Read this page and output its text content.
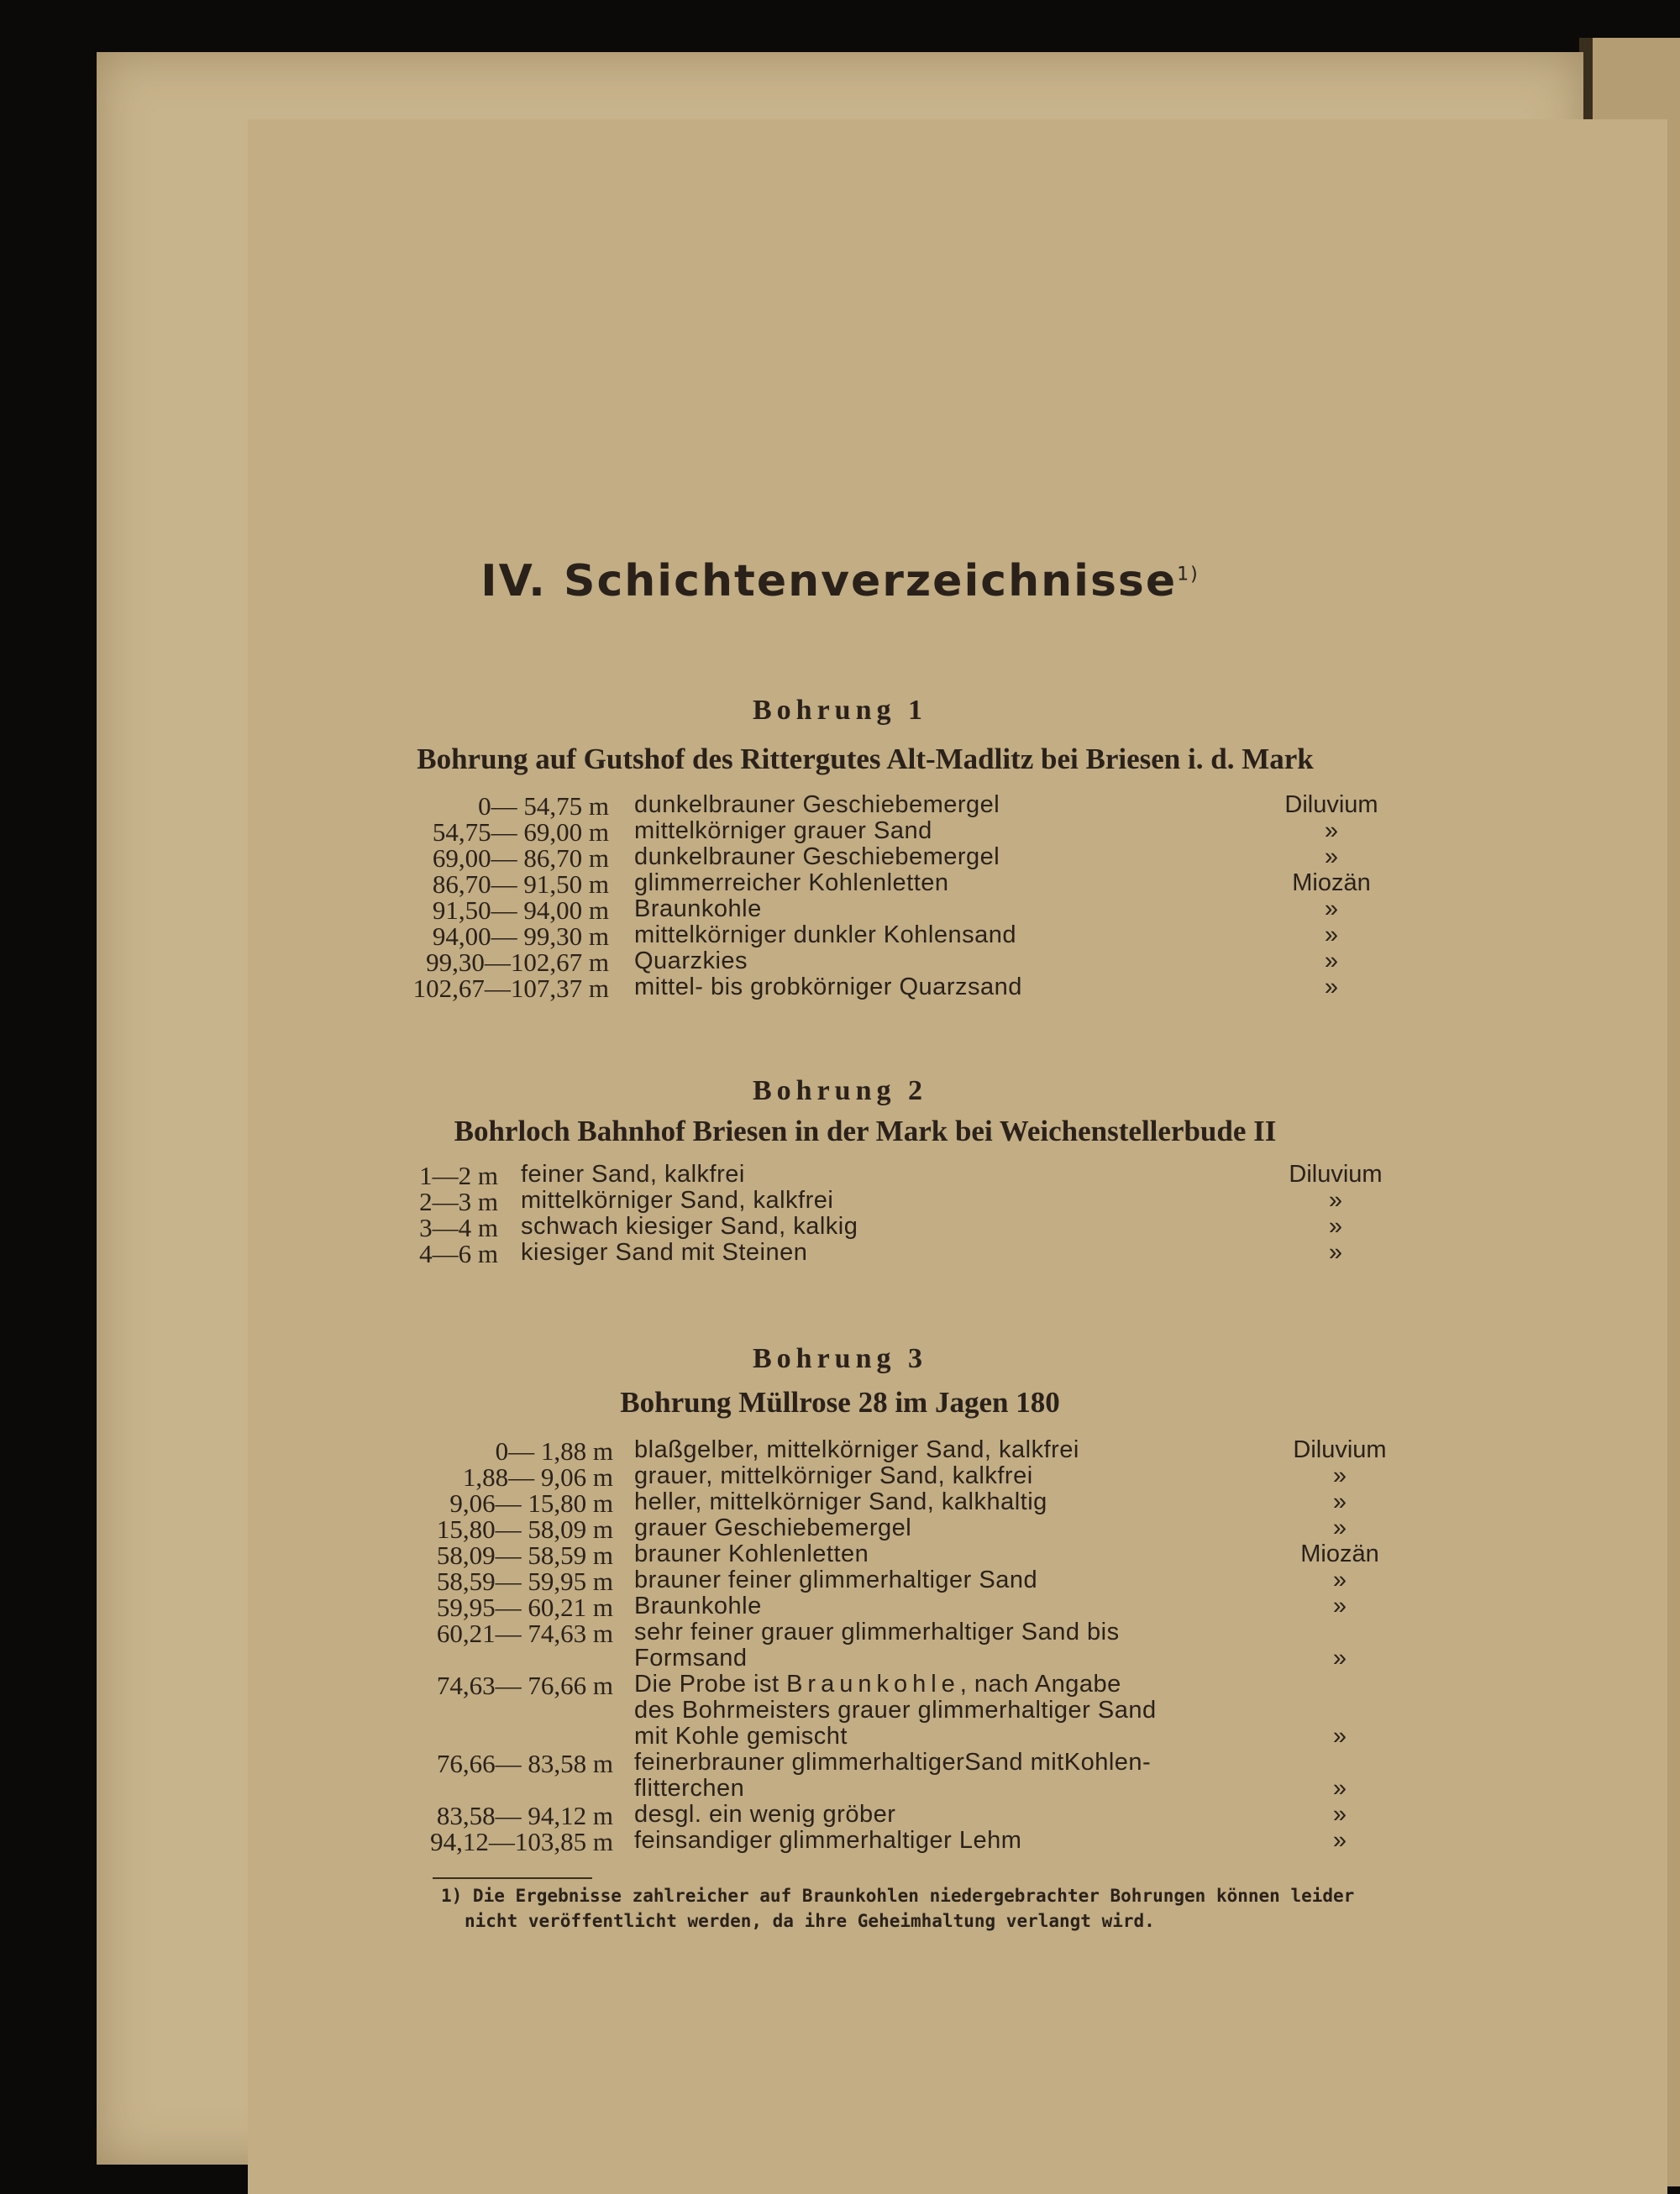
IV. Schichtenverzeichnisse$^{1)}$
Bohrung 1
Bohrung auf Gutshof des Rittergutes Alt-Madlitz bei Briesen i. d. Mark
0— 54,75 m dunkelbrauner Geschiebemergel	Diluvium
54,75— 69,00 m mittelkörniger grauer Sand	»
69,00— 86,70 m dunkelbrauner Geschiebemergel	»
86,70— 91,50 m glimmerreicher Kohlenletten	Miozän
91,50— 94,00 m Braunkohle	»
94,00— 99,30 m mittelkörniger dunkler Kohlensand	»
99,30—102,67 m Quarzkies	»
102,67—107,37 m mittel- bis grobkörniger Quarzsand	»
Bohrung 2
Bohrloch Bahnhof Briesen in der Mark bei Weichenstellerbude II
1—2 m feiner Sand, kalkfrei	Diluvium
2—3 m mittelkörniger Sand, kalkfrei	»
3—4 m schwach kiesiger Sand, kalkig	»
4—6 m kiesiger Sand mit Steinen	»
Bohrung 3
Bohrung Müllrose 28 im Jagen 180
0— 1,88 m blaßgelber, mittelkörniger Sand, kalkfrei	Diluvium
1,88— 9,06 m grauer, mittelkörniger Sand, kalkfrei	»
9,06— 15,80 m heller, mittelkörniger Sand, kalkhaltig	»
15,80— 58,09 m grauer Geschiebemergel	»
58,09— 58,59 m brauner Kohlenletten	Miozän
58,59— 59,95 m brauner feiner glimmerhaltiger Sand	»
59,95— 60,21 m Braunkohle	»
60,21— 74,63 m sehr feiner grauer glimmerhaltiger Sand bis
Formsand	»
74,63— 76,66 m Die Probe ist Braunkohle, nach Angabe
des Bohrmeisters grauer glimmerhaltiger Sand
mit Kohle gemischt	»
76,66— 83,58 m feinerbrauner glimmerhaltigerSand mitKohlen-
flitterchen	»
83,58— 94,12 m desgl. ein wenig gröber	»
94,12—103,85 m feinsandiger glimmerhaltiger Lehm	»
1) Die Ergebnisse zahlreicher auf Braunkohlen niedergebrachter Bohrungen können leider
nicht veröffentlicht werden, da ihre Geheimhaltung verlangt wird.
